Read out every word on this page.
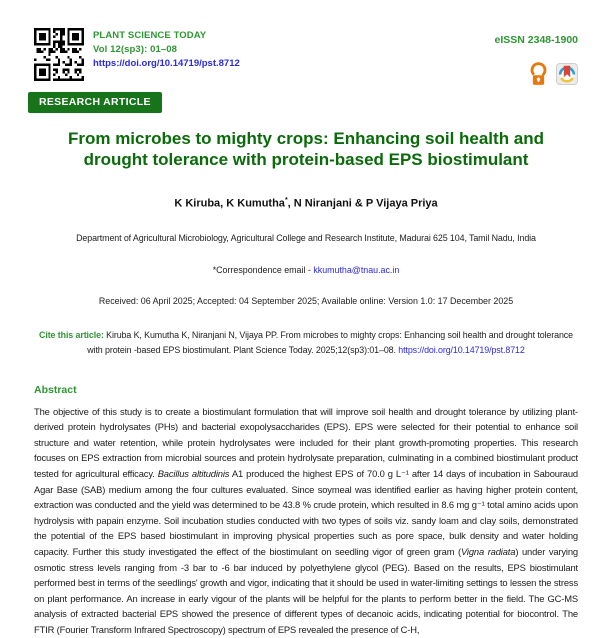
PLANT SCIENCE TODAY
Vol 12(sp3): 01–08
https://doi.org/10.14719/pst.8712
eISSN 2348-1900
RESEARCH ARTICLE
From microbes to mighty crops: Enhancing soil health and drought tolerance with protein-based EPS biostimulant
K Kiruba, K Kumutha*, N Niranjani & P Vijaya Priya
Department of Agricultural Microbiology, Agricultural College and Research Institute, Madurai 625 104, Tamil Nadu, India
*Correspondence email - kkumutha@tnau.ac.in
Received: 06 April 2025; Accepted: 04 September 2025; Available online: Version 1.0: 17 December 2025
Cite this article: Kiruba K, Kumutha K, Niranjani N, Vijaya PP. From microbes to mighty crops: Enhancing soil health and drought tolerance with protein -based EPS biostimulant. Plant Science Today. 2025;12(sp3):01–08. https://doi.org/10.14719/pst.8712
Abstract
The objective of this study is to create a biostimulant formulation that will improve soil health and drought tolerance by utilizing plant-derived protein hydrolysates (PHs) and bacterial exopolysaccharides (EPS). EPS were selected for their potential to enhance soil structure and water retention, while protein hydrolysates were included for their plant growth-promoting properties. This research focuses on EPS extraction from microbial sources and protein hydrolysate preparation, culminating in a combined biostimulant product tested for agricultural efficacy. Bacillus altitudinis A1 produced the highest EPS of 70.0 g L⁻¹ after 14 days of incubation in Sabouraud Agar Base (SAB) medium among the four cultures evaluated. Since soymeal was identified earlier as having higher protein content, extraction was conducted and the yield was determined to be 43.8 % crude protein, which resulted in 8.6 mg g⁻¹ total amino acids upon hydrolysis with papain enzyme. Soil incubation studies conducted with two types of soils viz. sandy loam and clay soils, demonstrated the potential of the EPS based biostimulant in improving physical properties such as pore space, bulk density and water holding capacity. Further this study investigated the effect of the biostimulant on seedling vigor of green gram (Vigna radiata) under varying osmotic stress levels ranging from -3 bar to -6 bar induced by polyethylene glycol (PEG). Based on the results, EPS biostimulant performed best in terms of the seedlings' growth and vigor, indicating that it should be used in water-limiting settings to lessen the stress on plant performance. An increase in early vigour of the plants will be helpful for the plants to perform better in the field. The GC-MS analysis of extracted bacterial EPS showed the presence of different types of decanoic acids, indicating potential for biocontrol. The FTIR (Fourier Transform Infrared Spectroscopy) spectrum of EPS revealed the presence of C-H,
